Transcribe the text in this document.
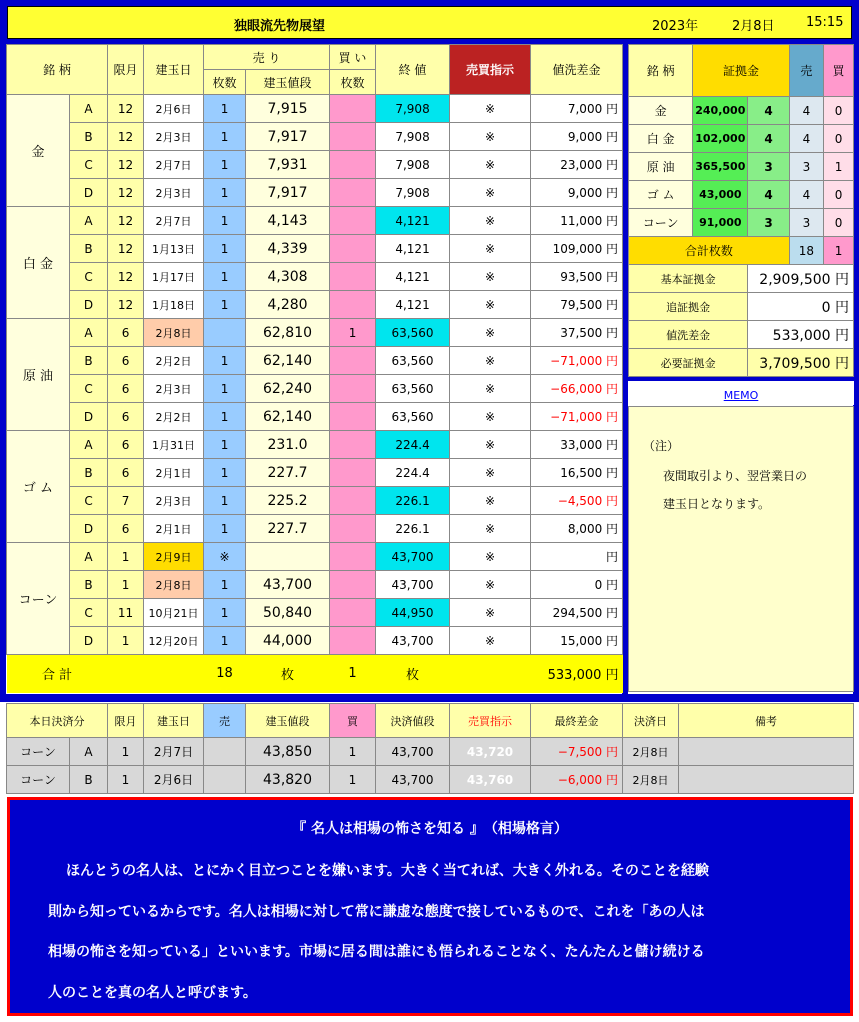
独眼流先物展望	2023年	2月8日 15:15
銘 柄		限月	建玉日	売 り		買 い	終 値	売買指示	値洗差金
				枚数	建玉値段	枚数			
金	A	12	2月6日	1	7,915		7,908	※	7,000 円
	B	12	2月3日	1	7,917		7,908	※	9,000 円
	C	12	2月7日	1	7,931		7,908	※	23,000 円
	D	12	2月3日	1	7,917		7,908	※	9,000 円
白 金	A	12	2月7日	1	4,143		4,121	※	11,000 円
	B	12	1月13日	1	4,339		4,121	※	109,000 円
	C	12	1月17日	1	4,308		4,121	※	93,500 円
	D	12	1月18日	1	4,280		4,121	※	79,500 円
原 油	A	6	2月8日		62,810	1	63,560	※	37,500 円
	B	6	2月2日	1	62,140		63,560	※	−71,000 円
	C	6	2月3日	1	62,240		63,560	※	−66,000 円
	D	6	2月2日	1	62,140		63,560	※	−71,000 円
ゴ ム	A	6	1月31日	1	231.0		224.4	※	33,000 円
	B	6	2月1日	1	227.7		224.4	※	16,500 円
	C	7	2月3日	1	225.2		226.1	※	−4,500 円
	D	6	2月1日	1	227.7		226.1	※	8,000 円
コーン	A	1	2月9日	※			43,700	※	円
	B	1	2月8日	1	43,700		43,700	※	0 円
	C	11	10月21日	1	50,840		44,950	※	294,500 円
	D	1	12月20日	1	44,000		43,700	※	15,000 円
合 計				18	枚	1	枚		533,000 円
銘 柄	証拠金		売	買
金	240,000	4	4	0
白 金	102,000	4	4	0
原 油	365,500	3	3	1
ゴ ム	43,000	4	4	0
コーン	91,000	3	3	0
合計枚数			18	1
基本証拠金		2,909,500 円		
追証拠金		0 円		
値洗差金		533,000 円		
必要証拠金		3,709,500 円		
MEMO
（注）
夜間取引より、翌営業日の
建玉日となります。
本日決済分		限月	建玉日	売	建玉値段	買	決済値段	売買指示	最終差金	決済日	備考
コーン	A	1	2月7日		43,850	1	43,700	43,720	−7,500 円	2月8日	
コーン	B	1	2月6日		43,820	1	43,700	43,760	−6,000 円	2月8日	
『 名人は相場の怖さを知る 』　（相場格言）
ほんとうの名人は、とにかく目立つことを嫌います。大きく当てれば、大きく外れる。そのことを経験
則から知っているからです。名人は相場に対して常に謙虚な態度で接しているもので、これを「あの人は
相場の怖さを知っている」といいます。市場に居る間は誰にも悟られることなく、たんたんと儲け続ける
人のことを真の名人と呼びます。
